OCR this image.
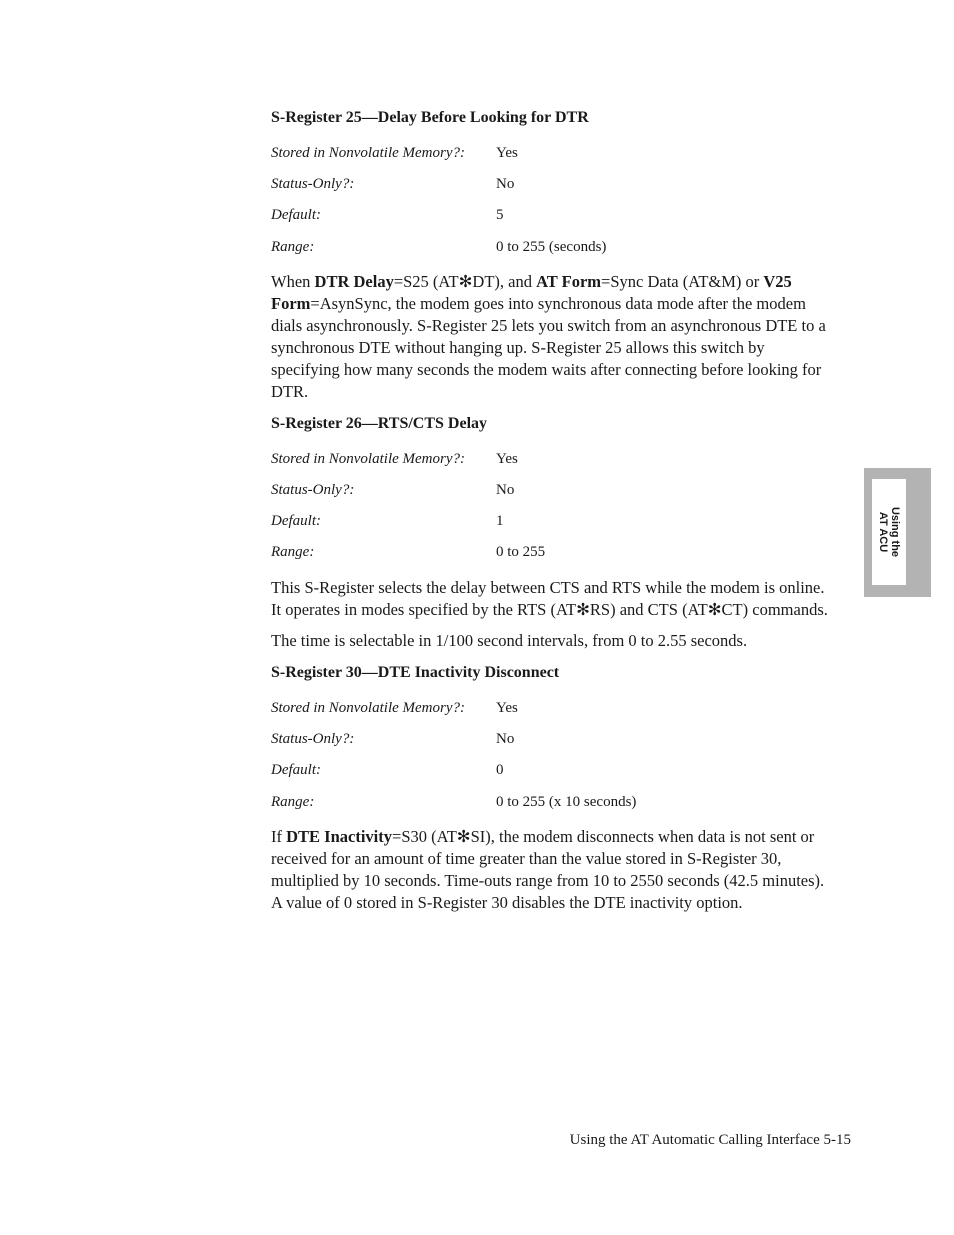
S-Register 25—Delay Before Looking for DTR
Stored in Nonvolatile Memory?: Yes
Status-Only?:	No
Default:	5
Range:	0 to 255 (seconds)

When DTR Delay=S25 (AT✻DT), and AT Form=Sync Data (AT&M) or V25
Form=AsynSync, the modem goes into synchronous data mode after the modem
dials asynchronously. S-Register 25 lets you switch from an asynchronous DTE to a
synchronous DTE without hanging up. S-Register 25 allows this switch by
specifying how many seconds the modem waits after connecting before looking for
DTR.

S-Register 26—RTS/CTS Delay
Stored in Nonvolatile Memory?: Yes
Status-Only?:	No
Default:	1
Range:	0 to 255

This S-Register selects the delay between CTS and RTS while the modem is online.
It operates in modes specified by the RTS (AT✻RS) and CTS (AT✻CT) commands.

The time is selectable in 1/100 second intervals, from 0 to 2.55 seconds.

S-Register 30—DTE Inactivity Disconnect
Stored in Nonvolatile Memory?: Yes
Status-Only?:	No
Default:	0
Range:	0 to 255 (x 10 seconds)

If DTE Inactivity=S30 (AT✻SI), the modem disconnects when data is not sent or
received for an amount of time greater than the value stored in S-Register 30,
multiplied by 10 seconds. Time-outs range from 10 to 2550 seconds (42.5 minutes).
A value of 0 stored in S-Register 30 disables the DTE inactivity option.

Using the
AT ACU
Using the AT Automatic Calling Interface 5-15
